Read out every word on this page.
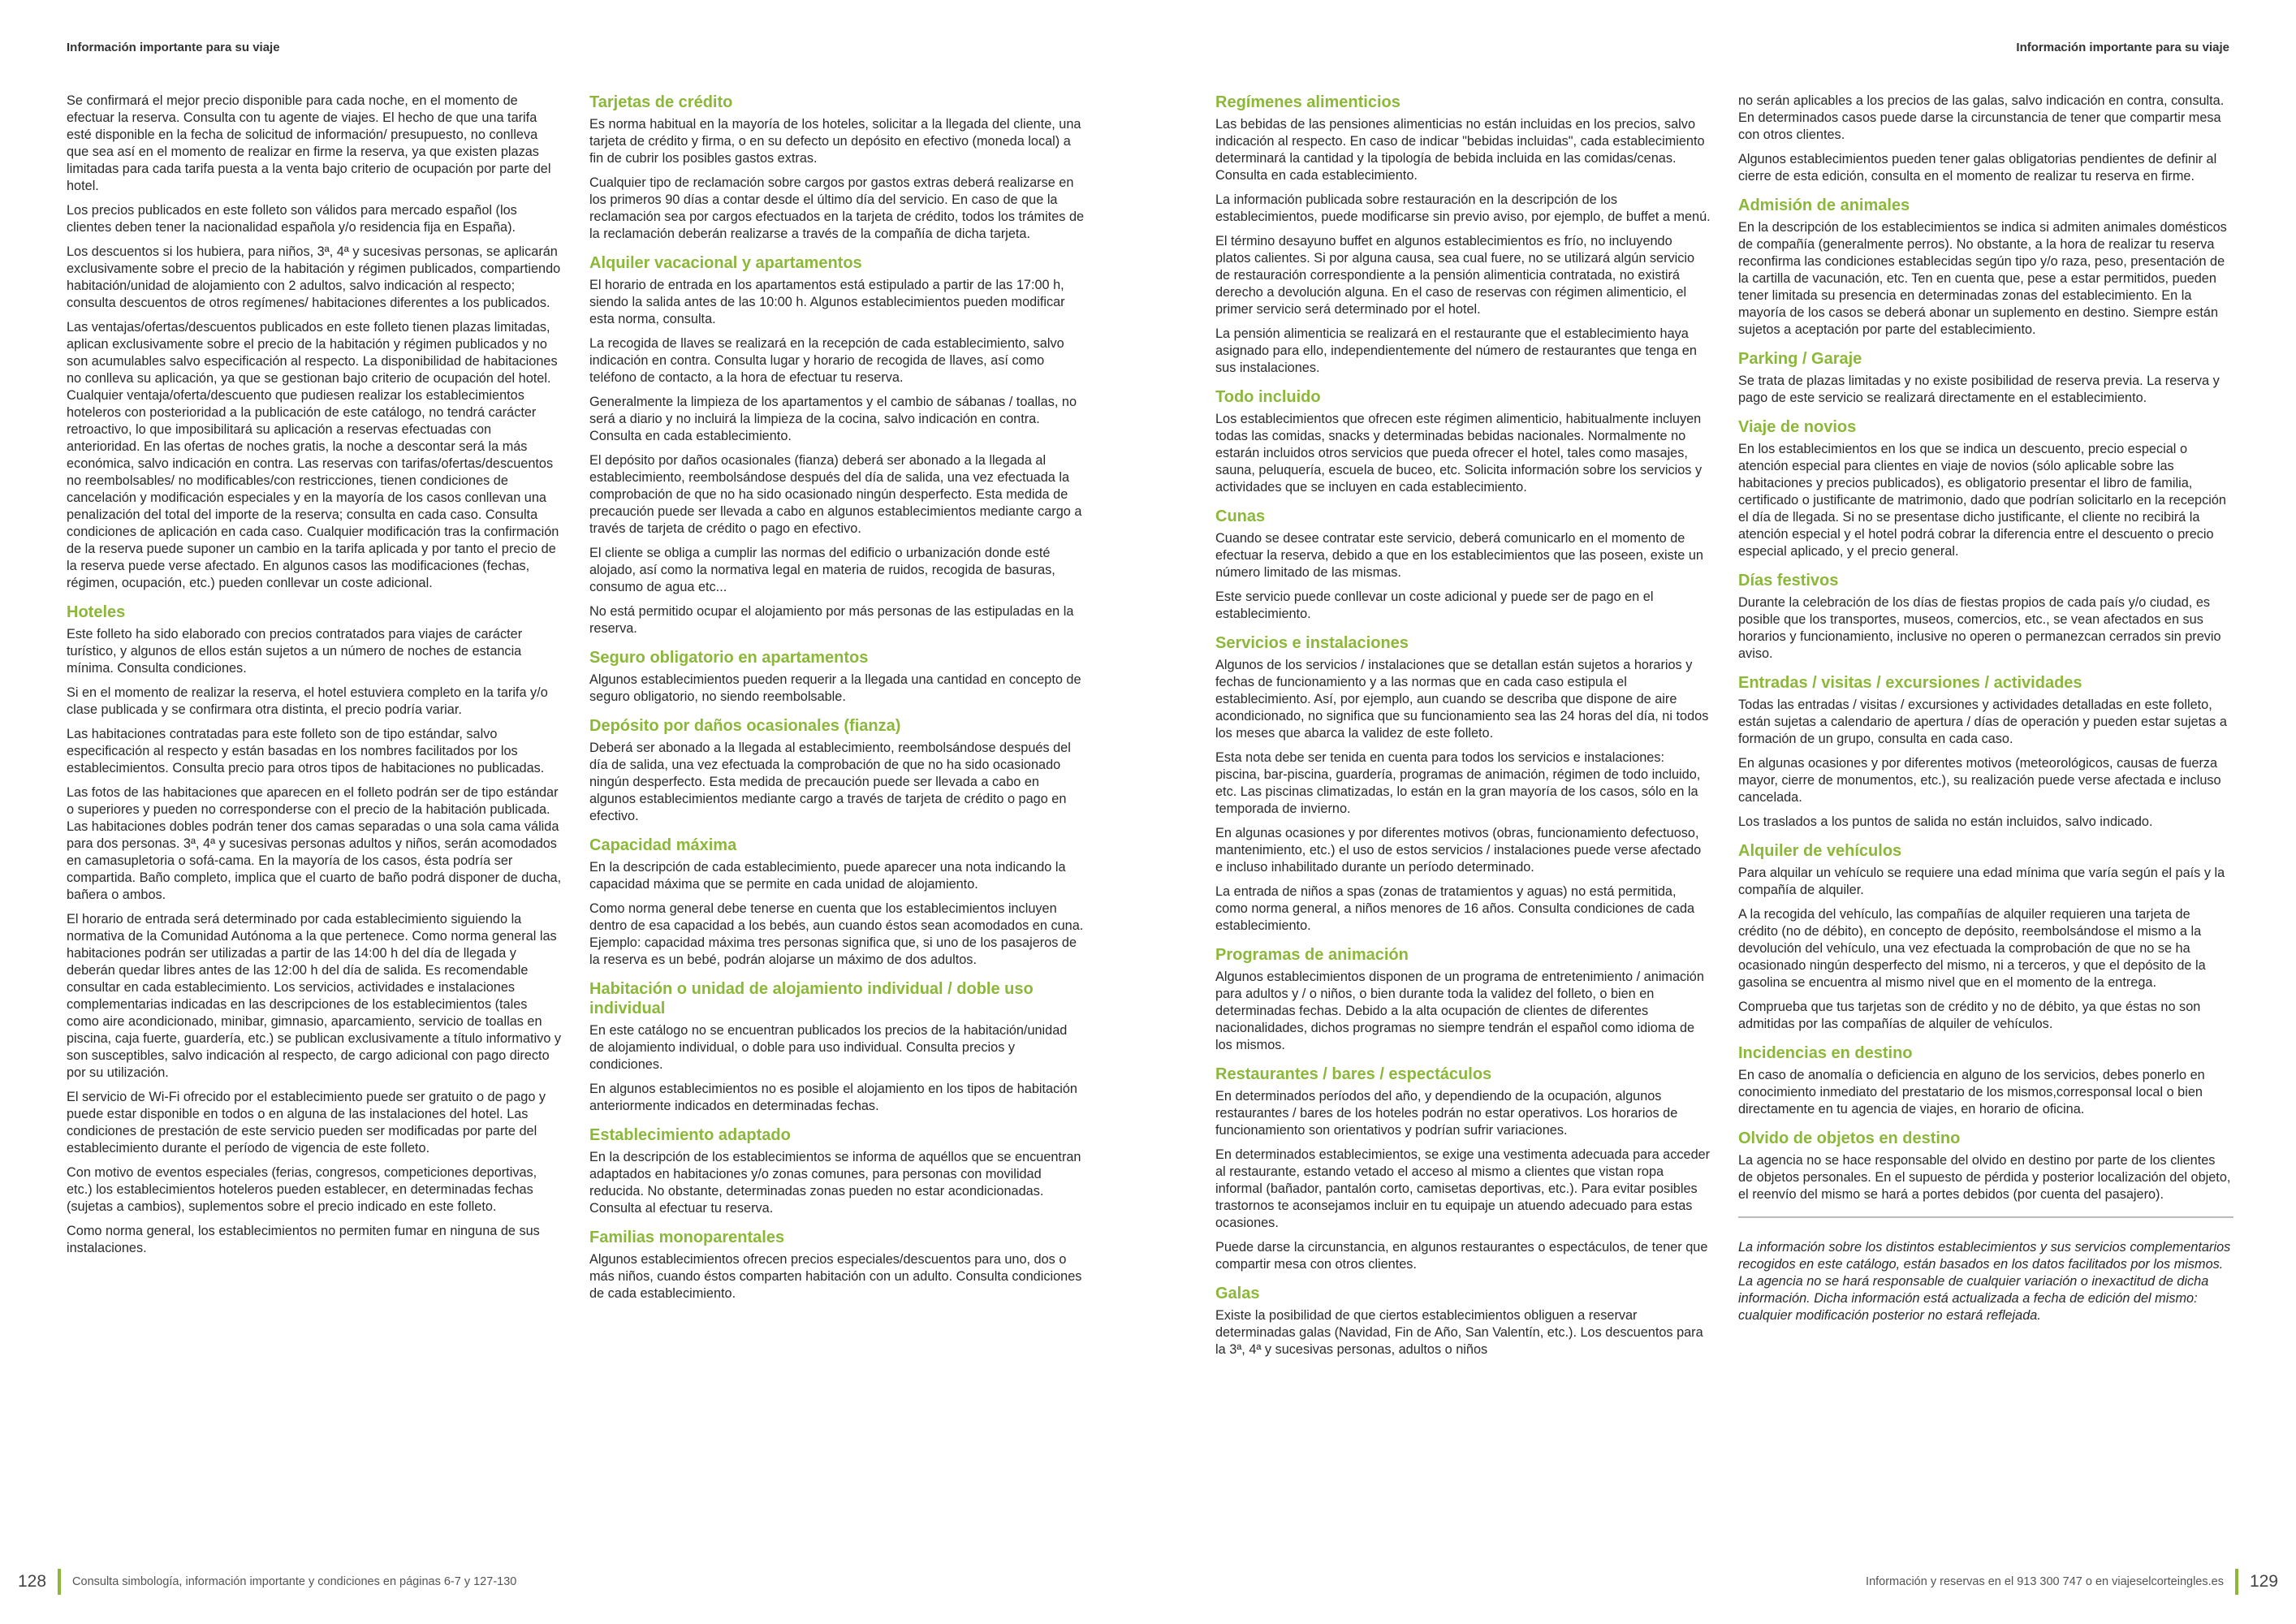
Información importante para su viaje	Información importante para su viaje

Se confirmará el mejor precio disponible para cada noche, en el momento de efectuar la reserva. Consulta con tu agente de viajes. El hecho de que una tarifa esté disponible en la fecha de solicitud de información/ presupuesto, no conlleva que sea así en el momento de realizar en firme la reserva, ya que existen plazas limitadas para cada tarifa puesta a la venta bajo criterio de ocupación por parte del hotel.

Los precios publicados en este folleto son válidos para mercado español (los clientes deben tener la nacionalidad española y/o residencia fija en España).

Los descuentos si los hubiera, para niños, 3ª, 4ª y sucesivas personas, se aplicarán exclusivamente sobre el precio de la habitación y régimen publicados, compartiendo habitación/unidad de alojamiento con 2 adultos, salvo indicación al respecto; consulta descuentos de otros regímenes/ habitaciones diferentes a los publicados.

Las ventajas/ofertas/descuentos publicados en este folleto tienen plazas limitadas, aplican exclusivamente sobre el precio de la habitación y régimen publicados y no son acumulables salvo especificación al respecto. La disponibilidad de habitaciones no conlleva su aplicación, ya que se gestionan bajo criterio de ocupación del hotel. Cualquier ventaja/oferta/descuento que pudiesen realizar los establecimientos hoteleros con posterioridad a la publicación de este catálogo, no tendrá carácter retroactivo, lo que imposibilitará su aplicación a reservas efectuadas con anterioridad. En las ofertas de noches gratis, la noche a descontar será la más económica, salvo indicación en contra. Las reservas con tarifas/ofertas/descuentos no reembolsables/ no modificables/con restricciones, tienen condiciones de cancelación y modificación especiales y en la mayoría de los casos conllevan una penalización del total del importe de la reserva; consulta en cada caso. Consulta condiciones de aplicación en cada caso. Cualquier modificación tras la confirmación de la reserva puede suponer un cambio en la tarifa aplicada y por tanto el precio de la reserva puede verse afectado. En algunos casos las modificaciones (fechas, régimen, ocupación, etc.) pueden conllevar un coste adicional.

Hoteles

Este folleto ha sido elaborado con precios contratados para viajes de carácter turístico, y algunos de ellos están sujetos a un número de noches de estancia mínima. Consulta condiciones.

Si en el momento de realizar la reserva, el hotel estuviera completo en la tarifa y/o clase publicada y se confirmara otra distinta, el precio podría variar.

Las habitaciones contratadas para este folleto son de tipo estándar, salvo especificación al respecto y están basadas en los nombres facilitados por los establecimientos. Consulta precio para otros tipos de habitaciones no publicadas.

Las fotos de las habitaciones que aparecen en el folleto podrán ser de tipo estándar o superiores y pueden no corresponderse con el precio de la habitación publicada. Las habitaciones dobles podrán tener dos camas separadas o una sola cama válida para dos personas. 3ª, 4ª y sucesivas personas adultos y niños, serán acomodados en camasupletoria o sofá-cama. En la mayoría de los casos, ésta podría ser compartida. Baño completo, implica que el cuarto de baño podrá disponer de ducha, bañera o ambos.

El horario de entrada será determinado por cada establecimiento siguiendo la normativa de la Comunidad Autónoma a la que pertenece. Como norma general las habitaciones podrán ser utilizadas a partir de las 14:00 h del día de llegada y deberán quedar libres antes de las 12:00 h del día de salida. Es recomendable consultar en cada establecimiento. Los servicios, actividades e instalaciones complementarias indicadas en las descripciones de los establecimientos (tales como aire acondicionado, minibar, gimnasio, aparcamiento, servicio de toallas en piscina, caja fuerte, guardería, etc.) se publican exclusivamente a título informativo y son susceptibles, salvo indicación al respecto, de cargo adicional con pago directo por su utilización.

El servicio de Wi-Fi ofrecido por el establecimiento puede ser gratuito o de pago y puede estar disponible en todos o en alguna de las instalaciones del hotel. Las condiciones de prestación de este servicio pueden ser modificadas por parte del establecimiento durante el período de vigencia de este folleto.

Con motivo de eventos especiales (ferias, congresos, competiciones deportivas, etc.) los establecimientos hoteleros pueden establecer, en determinadas fechas (sujetas a cambios), suplementos sobre el precio indicado en este folleto.

Como norma general, los establecimientos no permiten fumar en ninguna de sus instalaciones.

Tarjetas de crédito

Es norma habitual en la mayoría de los hoteles, solicitar a la llegada del cliente, una tarjeta de crédito y firma, o en su defecto un depósito en efectivo (moneda local) a fin de cubrir los posibles gastos extras.

Cualquier tipo de reclamación sobre cargos por gastos extras deberá realizarse en los primeros 90 días a contar desde el último día del servicio. En caso de que la reclamación sea por cargos efectuados en la tarjeta de crédito, todos los trámites de la reclamación deberán realizarse a través de la compañía de dicha tarjeta.

Alquiler vacacional y apartamentos

El horario de entrada en los apartamentos está estipulado a partir de las 17:00 h, siendo la salida antes de las 10:00 h. Algunos establecimientos pueden modificar esta norma, consulta.

La recogida de llaves se realizará en la recepción de cada establecimiento, salvo indicación en contra. Consulta lugar y horario de recogida de llaves, así como teléfono de contacto, a la hora de efectuar tu reserva.

Generalmente la limpieza de los apartamentos y el cambio de sábanas / toallas, no será a diario y no incluirá la limpieza de la cocina, salvo indicación en contra. Consulta en cada establecimiento.

El depósito por daños ocasionales (fianza) deberá ser abonado a la llegada al establecimiento, reembolsándose después del día de salida, una vez efectuada la comprobación de que no ha sido ocasionado ningún desperfecto. Esta medida de precaución puede ser llevada a cabo en algunos establecimientos mediante cargo a través de tarjeta de crédito o pago en efectivo.

El cliente se obliga a cumplir las normas del edificio o urbanización donde esté alojado, así como la normativa legal en materia de ruidos, recogida de basuras, consumo de agua etc...

No está permitido ocupar el alojamiento por más personas de las estipuladas en la reserva.

Seguro obligatorio en apartamentos

Algunos establecimientos pueden requerir a la llegada una cantidad en concepto de seguro obligatorio, no siendo reembolsable.

Depósito por daños ocasionales (fianza)

Deberá ser abonado a la llegada al establecimiento, reembolsándose después del día de salida, una vez efectuada la comprobación de que no ha sido ocasionado ningún desperfecto. Esta medida de precaución puede ser llevada a cabo en algunos establecimientos mediante cargo a través de tarjeta de crédito o pago en efectivo.

Capacidad máxima

En la descripción de cada establecimiento, puede aparecer una nota indicando la capacidad máxima que se permite en cada unidad de alojamiento.

Como norma general debe tenerse en cuenta que los establecimientos incluyen dentro de esa capacidad a los bebés, aun cuando éstos sean acomodados en cuna. Ejemplo: capacidad máxima tres personas significa que, si uno de los pasajeros de la reserva es un bebé, podrán alojarse un máximo de dos adultos.

Habitación o unidad de alojamiento individual / doble uso individual

En este catálogo no se encuentran publicados los precios de la habitación/unidad de alojamiento individual, o doble para uso individual. Consulta precios y condiciones.

En algunos establecimientos no es posible el alojamiento en los tipos de habitación anteriormente indicados en determinadas fechas.

Establecimiento adaptado

En la descripción de los establecimientos se informa de aquéllos que se encuentran adaptados en habitaciones y/o zonas comunes, para personas con movilidad reducida. No obstante, determinadas zonas pueden no estar acondicionadas. Consulta al efectuar tu reserva.

Familias monoparentales

Algunos establecimientos ofrecen precios especiales/descuentos para uno, dos o más niños, cuando éstos comparten habitación con un adulto. Consulta condiciones de cada establecimiento.

Regímenes alimenticios

Las bebidas de las pensiones alimenticias no están incluidas en los precios, salvo indicación al respecto. En caso de indicar "bebidas incluidas", cada establecimiento determinará la cantidad y la tipología de bebida incluida en las comidas/cenas. Consulta en cada establecimiento.

La información publicada sobre restauración en la descripción de los establecimientos, puede modificarse sin previo aviso, por ejemplo, de buffet a menú.

El término desayuno buffet en algunos establecimientos es frío, no incluyendo platos calientes. Si por alguna causa, sea cual fuere, no se utilizará algún servicio de restauración correspondiente a la pensión alimenticia contratada, no existirá derecho a devolución alguna. En el caso de reservas con régimen alimenticio, el primer servicio será determinado por el hotel.

La pensión alimenticia se realizará en el restaurante que el establecimiento haya asignado para ello, independientemente del número de restaurantes que tenga en sus instalaciones.

Todo incluido

Los establecimientos que ofrecen este régimen alimenticio, habitualmente incluyen todas las comidas, snacks y determinadas bebidas nacionales. Normalmente no estarán incluidos otros servicios que pueda ofrecer el hotel, tales como masajes, sauna, peluquería, escuela de buceo, etc. Solicita información sobre los servicios y actividades que se incluyen en cada establecimiento.

Cunas

Cuando se desee contratar este servicio, deberá comunicarlo en el momento de efectuar la reserva, debido a que en los establecimientos que las poseen, existe un número limitado de las mismas.

Este servicio puede conllevar un coste adicional y puede ser de pago en el establecimiento.

Servicios e instalaciones

Algunos de los servicios / instalaciones que se detallan están sujetos a horarios y fechas de funcionamiento y a las normas que en cada caso estipula el establecimiento. Así, por ejemplo, aun cuando se describa que dispone de aire acondicionado, no significa que su funcionamiento sea las 24 horas del día, ni todos los meses que abarca la validez de este folleto.

Esta nota debe ser tenida en cuenta para todos los servicios e instalaciones: piscina, bar-piscina, guardería, programas de animación, régimen de todo incluido, etc. Las piscinas climatizadas, lo están en la gran mayoría de los casos, sólo en la temporada de invierno.

En algunas ocasiones y por diferentes motivos (obras, funcionamiento defectuoso, mantenimiento, etc.) el uso de estos servicios / instalaciones puede verse afectado e incluso inhabilitado durante un período determinado.

La entrada de niños a spas (zonas de tratamientos y aguas) no está permitida, como norma general, a niños menores de 16 años. Consulta condiciones de cada establecimiento.

Programas de animación

Algunos establecimientos disponen de un programa de entretenimiento / animación para adultos y / o niños, o bien durante toda la validez del folleto, o bien en determinadas fechas. Debido a la alta ocupación de clientes de diferentes nacionalidades, dichos programas no siempre tendrán el español como idioma de los mismos.

Restaurantes / bares / espectáculos

En determinados períodos del año, y dependiendo de la ocupación, algunos restaurantes / bares de los hoteles podrán no estar operativos. Los horarios de funcionamiento son orientativos y podrían sufrir variaciones.

En determinados establecimientos, se exige una vestimenta adecuada para acceder al restaurante, estando vetado el acceso al mismo a clientes que vistan ropa informal (bañador, pantalón corto, camisetas deportivas, etc.). Para evitar posibles trastornos te aconsejamos incluir en tu equipaje un atuendo adecuado para estas ocasiones.

Puede darse la circunstancia, en algunos restaurantes o espectáculos, de tener que compartir mesa con otros clientes.

Galas

Existe la posibilidad de que ciertos establecimientos obliguen a reservar determinadas galas (Navidad, Fin de Año, San Valentín, etc.). Los descuentos para la 3ª, 4ª y sucesivas personas, adultos o niños

no serán aplicables a los precios de las galas, salvo indicación en contra, consulta. En determinados casos puede darse la circunstancia de tener que compartir mesa con otros clientes.

Algunos establecimientos pueden tener galas obligatorias pendientes de definir al cierre de esta edición, consulta en el momento de realizar tu reserva en firme.

Admisión de animales

En la descripción de los establecimientos se indica si admiten animales domésticos de compañía (generalmente perros). No obstante, a la hora de realizar tu reserva reconfirma las condiciones establecidas según tipo y/o raza, peso, presentación de la cartilla de vacunación, etc. Ten en cuenta que, pese a estar permitidos, pueden tener limitada su presencia en determinadas zonas del establecimiento. En la mayoría de los casos se deberá abonar un suplemento en destino. Siempre están sujetos a aceptación por parte del establecimiento.

Parking / Garaje

Se trata de plazas limitadas y no existe posibilidad de reserva previa. La reserva y pago de este servicio se realizará directamente en el establecimiento.

Viaje de novios

En los establecimientos en los que se indica un descuento, precio especial o atención especial para clientes en viaje de novios (sólo aplicable sobre las habitaciones y precios publicados), es obligatorio presentar el libro de familia, certificado o justificante de matrimonio, dado que podrían solicitarlo en la recepción el día de llegada. Si no se presentase dicho justificante, el cliente no recibirá la atención especial y el hotel podrá cobrar la diferencia entre el descuento o precio especial aplicado, y el precio general.

Días festivos

Durante la celebración de los días de fiestas propios de cada país y/o ciudad, es posible que los transportes, museos, comercios, etc., se vean afectados en sus horarios y funcionamiento, inclusive no operen o permanezcan cerrados sin previo aviso.

Entradas / visitas / excursiones / actividades

Todas las entradas / visitas / excursiones y actividades detalladas en este folleto, están sujetas a calendario de apertura / días de operación y pueden estar sujetas a formación de un grupo, consulta en cada caso.

En algunas ocasiones y por diferentes motivos (meteorológicos, causas de fuerza mayor, cierre de monumentos, etc.), su realización puede verse afectada e incluso cancelada.

Los traslados a los puntos de salida no están incluidos, salvo indicado.

Alquiler de vehículos

Para alquilar un vehículo se requiere una edad mínima que varía según el país y la compañía de alquiler.

A la recogida del vehículo, las compañías de alquiler requieren una tarjeta de crédito (no de débito), en concepto de depósito, reembolsándose el mismo a la devolución del vehículo, una vez efectuada la comprobación de que no se ha ocasionado ningún desperfecto del mismo, ni a terceros, y que el depósito de la gasolina se encuentra al mismo nivel que en el momento de la entrega.

Comprueba que tus tarjetas son de crédito y no de débito, ya que éstas no son admitidas por las compañías de alquiler de vehículos.

Incidencias en destino

En caso de anomalía o deficiencia en alguno de los servicios, debes ponerlo en conocimiento inmediato del prestatario de los mismos,corresponsal local o bien directamente en tu agencia de viajes, en horario de oficina.

Olvido de objetos en destino

La agencia no se hace responsable del olvido en destino por parte de los clientes de objetos personales. En el supuesto de pérdida y posterior localización del objeto, el reenvío del mismo se hará a portes debidos (por cuenta del pasajero).

La información sobre los distintos establecimientos y sus servicios complementarios recogidos en este catálogo, están basados en los datos facilitados por los mismos. La agencia no se hará responsable de cualquier variación o inexactitud de dicha información. Dicha información está actualizada a fecha de edición del mismo: cualquier modificación posterior no estará reflejada.

128 Consulta simbología, información importante y condiciones en páginas 6-7 y 127-130	Información y reservas en el 913 300 747 o en viajeselcorteingles.es 129
